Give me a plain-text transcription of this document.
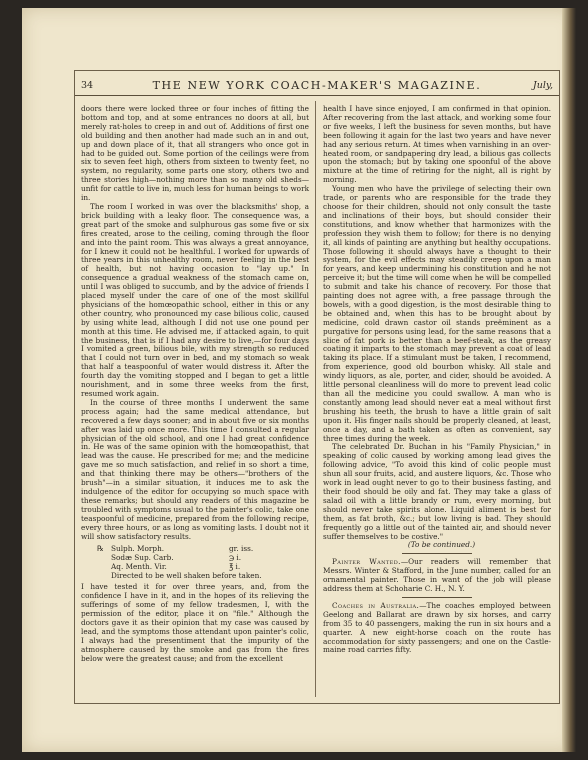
34	THE NEW YORK COACH-MAKER'S MAGAZINE.	July,

doors there were locked three or four inches of fitting the bottom and top, and at some entrances no doors at all, but merely rat-holes to creep in and out of. Additions of first one old building and then another had made such an in and out, up and down place of it, that all strangers who once got in had to be guided out. Some portion of the ceilings were from six to seven feet high, others from sixteen to twenty feet, no system, no regularity, some parts one story, others two and three stories high—nothing more than so many old sheds—unfit for cattle to live in, much less for human beings to work in.

The room I worked in was over the blacksmiths' shop, a brick building with a leaky floor. The consequence was, a great part of the smoke and sulphurous gas some five or six fires created, arose to the ceiling, coming through the floor and into the paint room. This was always a great annoyance, for I knew it could not be healthful. I worked for upwards of three years in this unhealthy room, never feeling in the best of health, but not having occasion to "lay up." In consequence a gradual weakness of the stomach came on, until I was obliged to succumb, and by the advice of friends I placed myself under the care of one of the most skillful physicians of the homœopathic school, either in this or any other country, who pronounced my case bilious colic, caused by using white lead, although I did not use one pound per month at this time. He advised me, if attacked again, to quit the business, that is if I had any desire to live,—for four days I vomited a green, bilious bile, with my strength so reduced that I could not turn over in bed, and my stomach so weak that half a teaspoonful of water would distress it. After the fourth day the vomiting stopped and I began to get a little nourishment, and in some three weeks from the first, resumed work again.

In the course of three months I underwent the same process again; had the same medical attendance, but recovered a few days sooner; and in about five or six months after was laid up once more. This time I consulted a regular physician of the old school, and one I had great confidence in. He was of the same opinion with the homœopathist, that lead was the cause. He prescribed for me; and the medicine gave me so much satisfaction, and relief in so short a time, and that thinking there may be others—"brothers of the brush"—in a similar situation, it induces me to ask the indulgence of the editor for occupying so much space with these remarks; but should any readers of this magazine be troubled with symptoms usual to the painter's colic, take one teaspoonful of medicine, prepared from the following recipe, every three hours, or as long as vomiting lasts. I doubt not it will show satisfactory results.

℞	Sulph. Morph.	gr. iss.
Sodæ Sup. Carb.	℈ i.
Aq. Menth. Vir.	℥ i.
Directed to be well shaken before taken.

I have tested it for over three years, and, from the confidence I have in it, and in the hopes of its relieving the sufferings of some of my fellow tradesmen, I, with the permission of the editor, place it on "file." Although the doctors gave it as their opinion that my case was caused by lead, and the symptoms those attendant upon painter's colic, I always had the presentiment that the impurity of the atmosphere caused by the smoke and gas from the fires below were the greatest cause; and from the excellent

health I have since enjoyed, I am confirmed in that opinion. After recovering from the last attack, and working some four or five weeks, I left the business for seven months, but have been following it again for the last two years and have never had any serious return. At times when varnishing in an over-heated room, or sandpapering dry lead, a bilious gas collects upon the stomach; but by taking one spoonful of the above mixture at the time of retiring for the night, all is right by morning.

Young men who have the privilege of selecting their own trade, or parents who are responsible for the trade they choose for their children, should not only consult the taste and inclinations of their boys, but should consider their constitutions, and know whether that harmonizes with the profession they wish them to follow; for there is no denying it, all kinds of painting are anything but healthy occupations. Those following it should always have a thought to their system, for the evil effects may steadily creep upon a man for years, and keep undermining his constitution and he not perceive it; but the time will come when he will be compelled to submit and take his chance of recovery. For those that painting does not agree with, a free passage through the bowels, with a good digestion, is the most desirable thing to be obtained and, when this has to be brought about by medicine, cold drawn castor oil stands preëminent as a purgative for persons using lead, for the same reasons that a slice of fat pork is better than a beef-steak, as the greasy coating it imparts to the stomach may prevent a coat of lead taking its place. If a stimulant must be taken, I recommend, from experience, good old bourbon whisky. All stale and windy liquors, as ale, porter, and cider, should be avoided. A little personal cleanliness will do more to prevent lead colic than all the medicine you could swallow. A man who is constantly among lead should never eat a meal without first brushing his teeth, the brush to have a little grain of salt upon it. His finger nails should be properly cleaned, at least, once a day, and a bath taken as often as convenient, say three times during the week.

The celebrated Dr. Buchan in his "Family Physician," in speaking of colic caused by working among lead gives the following advice, "To avoid this kind of colic people must shun all sour fruits, acid, and austere liquors, &c. Those who work in lead ought never to go to their business fasting, and their food should be oily and fat. They may take a glass of salad oil with a little brandy or rum, every morning, but should never take spirits alone. Liquid aliment is best for them, as fat broth, &c.; but low living is bad. They should frequently go a little out of the tainted air, and should never suffer themselves to be costive."

(To be continued.)

Painter Wanted.—Our readers will remember that Messrs. Winter & Stafford, in the June number, called for an ornamental painter. Those in want of the job will please address them at Schoharie C. H., N. Y.

Coaches in Australia.—The coaches employed between Geelong and Ballarat are drawn by six horses, and carry from 35 to 40 passengers, making the run in six hours and a quarter. A new eight-horse coach on the route has accommodation for sixty passengers; and one on the Castle-maine road carries fifty.
